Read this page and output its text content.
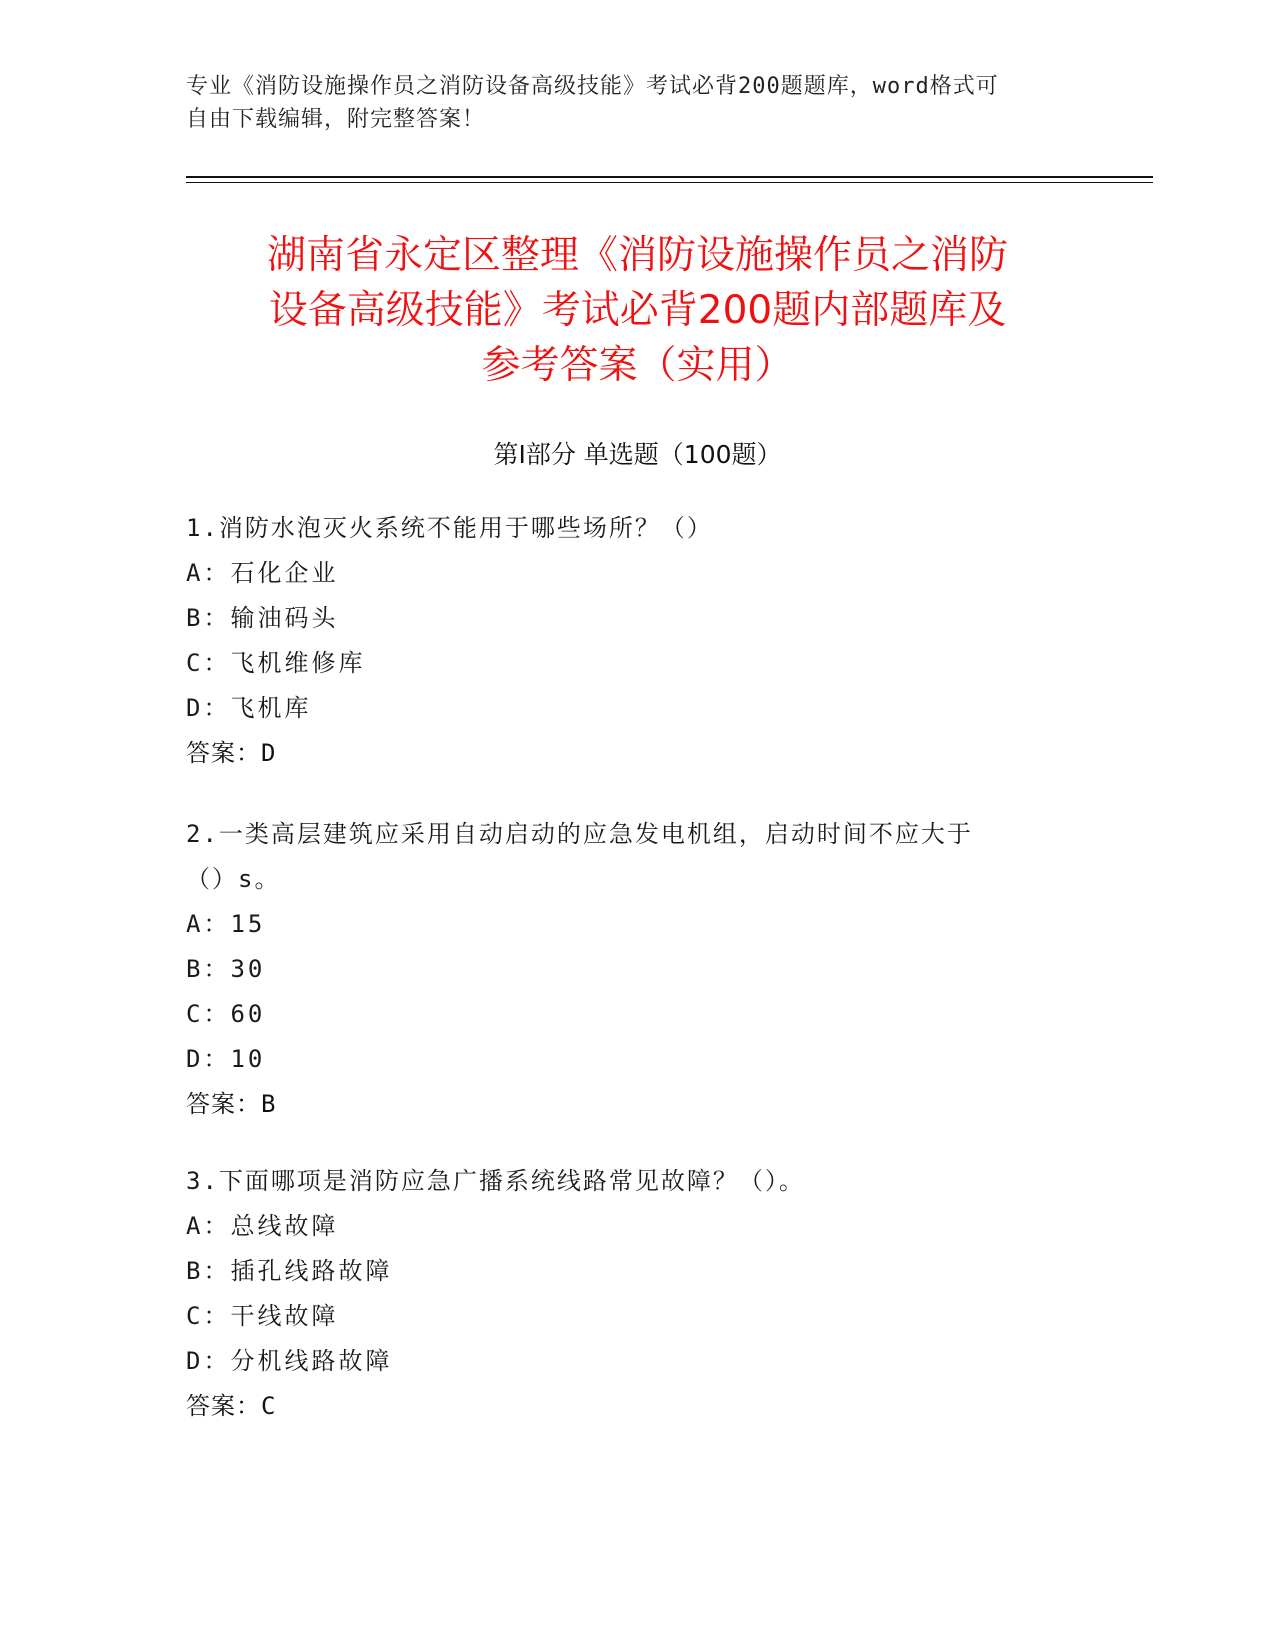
专业《消防设施操作员之消防设备高级技能》考试必背200题题库，word格式可

自由下载编辑，附完整答案！

湖南省永定区整理《消防设施操作员之消防

设备高级技能》考试必背200题内部题库及

参考答案（实用）

第Ⅰ部分 单选题（100题）

1.消防水泡灭火系统不能用于哪些场所？（）

A：石化企业

B：输油码头

C：飞机维修库

D：飞机库

答案：D

2.一类高层建筑应采用自动启动的应急发电机组，启动时间不应大于

（）s。

A：15

B：30

C：60

D：10

答案：B

3.下面哪项是消防应急广播系统线路常见故障？（）。

A：总线故障

B：插孔线路故障

C：干线故障

D：分机线路故障

答案：C
